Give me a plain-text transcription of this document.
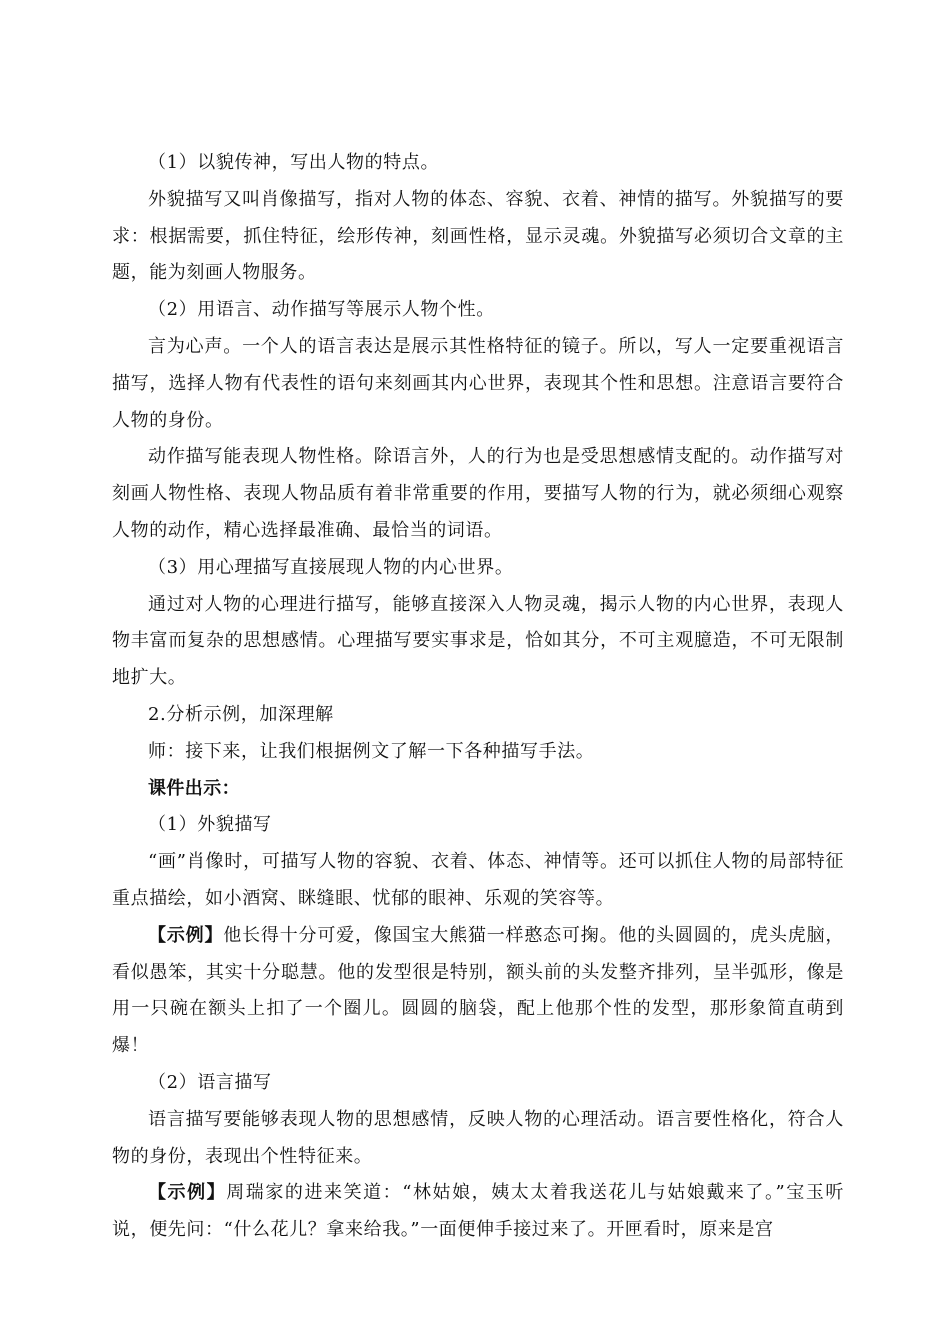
（1）以貌传神，写出人物的特点。

外貌描写又叫肖像描写，指对人物的体态、容貌、衣着、神情的描写。外貌描写的要求：根据需要，抓住特征，绘形传神，刻画性格，显示灵魂。外貌描写必须切合文章的主题，能为刻画人物服务。

（2）用语言、动作描写等展示人物个性。

言为心声。一个人的语言表达是展示其性格特征的镜子。所以，写人一定要重视语言描写，选择人物有代表性的语句来刻画其内心世界，表现其个性和思想。注意语言要符合人物的身份。

动作描写能表现人物性格。除语言外，人的行为也是受思想感情支配的。动作描写对刻画人物性格、表现人物品质有着非常重要的作用，要描写人物的行为，就必须细心观察人物的动作，精心选择最准确、最恰当的词语。

（3）用心理描写直接展现人物的内心世界。

通过对人物的心理进行描写，能够直接深入人物灵魂，揭示人物的内心世界，表现人物丰富而复杂的思想感情。心理描写要实事求是，恰如其分，不可主观臆造，不可无限制地扩大。

2.分析示例，加深理解

师：接下来，让我们根据例文了解一下各种描写手法。

课件出示：

（1）外貌描写

“画”肖像时，可描写人物的容貌、衣着、体态、神情等。还可以抓住人物的局部特征重点描绘，如小酒窝、眯缝眼、忧郁的眼神、乐观的笑容等。

【示例】他长得十分可爱，像国宝大熊猫一样憨态可掬。他的头圆圆的，虎头虎脑，看似愚笨，其实十分聪慧。他的发型很是特别，额头前的头发整齐排列，呈半弧形，像是用一只碗在额头上扣了一个圈儿。圆圆的脑袋，配上他那个性的发型，那形象简直萌到爆！

（2）语言描写

语言描写要能够表现人物的思想感情，反映人物的心理活动。语言要性格化，符合人物的身份，表现出个性特征来。

【示例】周瑞家的进来笑道：“林姑娘，姨太太着我送花儿与姑娘戴来了。”宝玉听说，便先问：“什么花儿？拿来给我。”一面便伸手接过来了。开匣看时，原来是宫
